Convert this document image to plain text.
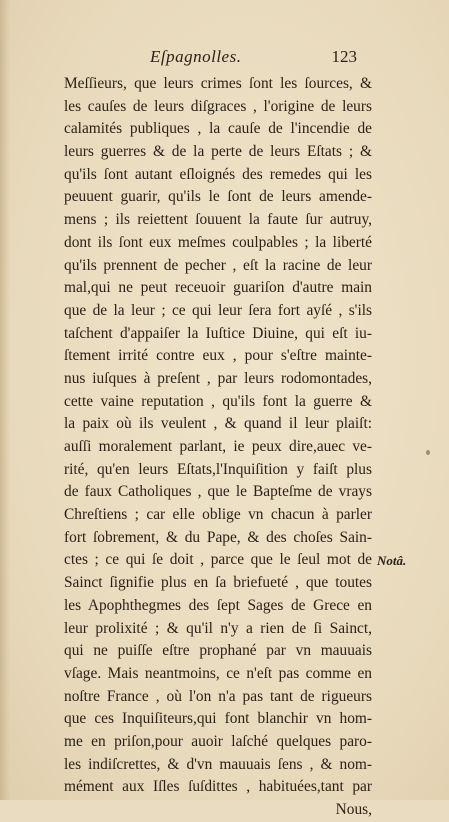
Eſpagnolles.	123
Meſſieurs, que leurs crimes ſont les ſources, &
les cauſes de leurs diſgraces , l'origine de leurs
calamités publiques , la cauſe de l'incendie de
leurs guerres & de la perte de leurs Eſtats ; &
qu'ils ſont autant eſloignés des remedes qui les
peuuent guarir, qu'ils le ſont de leurs amende-
mens ; ils reiettent ſouuent la faute ſur autruy,
dont ils ſont eux meſmes coulpables ; la liberté
qu'ils prennent de pecher , eſt la racine de leur
mal,qui ne peut receuoir guariſon d'autre main
que de la leur ; ce qui leur ſera fort ayſé , s'ils
taſchent d'appaiſer la Iuſtice Diuine, qui eſt iu-
ſtement irrité contre eux , pour s'eſtre mainte-
nus iuſques à preſent , par leurs rodomontades,
cette vaine reputation , qu'ils font la guerre &
la paix où ils veulent , & quand il leur plaiſt:
auſſi moralement parlant, ie peux dire,auec ve-
rité, qu'en leurs Eſtats,l'Inquiſition y faiſt plus
de faux Catholiques , que le Bapteſme de vrays
Chreſtiens ; car elle oblige vn chacun à parler
fort ſobrement, & du Pape, & des choſes Sain-
ctes ; ce qui ſe doit , parce que le ſeul mot de
Sainct ſignifie plus en ſa briefueté , que toutes
les Apophthegmes des ſept Sages de Grece en
leur prolixité ; & qu'il n'y a rien de ſi Sainct,
qui ne puiſſe eſtre prophané par vn mauuais
vſage. Mais neantmoins, ce n'eſt pas comme en
noſtre France , où l'on n'a pas tant de rigueurs
que ces Inquiſiteurs,qui font blanchir vn hom-
me en priſon,pour auoir laſché quelques paro-
les indiſcrettes, & d'vn mauuais ſens , & nom-
mément aux Iſles ſuſdittes , habituées,tant par
Nous,
Notâ.
